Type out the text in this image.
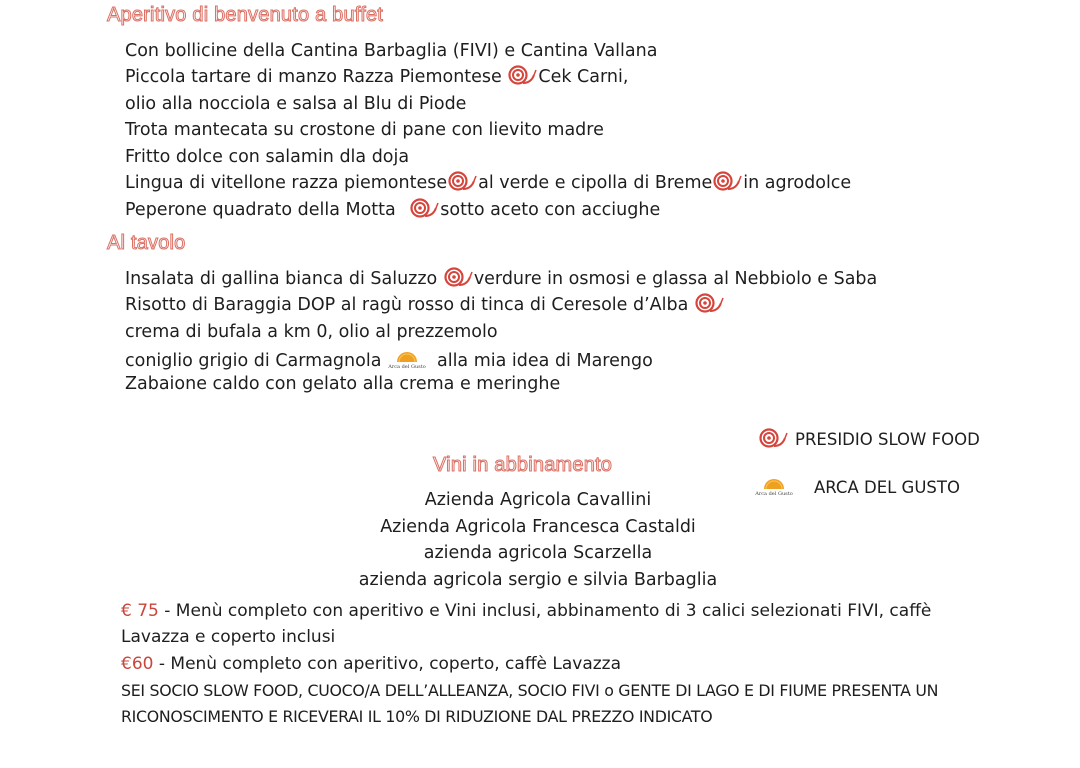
Aperitivo di benvenuto a buffet
Con bollicine della Cantina Barbaglia (FIVI) e Cantina Vallana
Piccola tartare di manzo Razza Piemontese
Cek Carni,
olio alla nocciola e salsa al Blu di Piode
Trota mantecata su crostone di pane con lievito madre
Fritto dolce con salamin dla doja
Lingua di vitellone razza piemontese al verde e cipolla di Breme in agrodolce
Peperone quadrato della Motta
sotto aceto con acciughe
Al tavolo
Insalata di gallina bianca di Saluzzo
verdure in osmosi e glassa al Nebbiolo e Saba
Risotto di Baraggia DOP al ragù rosso di tinca di Ceresole d’Alba
crema di bufala a km 0, olio al prezzemolo
coniglio grigio di Carmagnola Arca del Gusto alla mia idea di Marengo
Zabaione caldo con gelato alla crema e meringhe
PRESIDIO SLOW FOOD
Arca del Gusto ARCA DEL GUSTO
Vini in abbinamento
Azienda Agricola Cavallini
Azienda Agricola Francesca Castaldi
azienda agricola Scarzella
azienda agricola sergio e silvia Barbaglia
€ 75 - Menù completo con aperitivo e Vini inclusi, abbinamento di 3 calici selezionati FIVI, caffè
Lavazza e coperto inclusi
€60 - Menù completo con aperitivo, coperto, caffè Lavazza
SEI SOCIO SLOW FOOD, CUOCO/A DELL’ALLEANZA, SOCIO FIVI o GENTE DI LAGO E DI FIUME PRESENTA UN
RICONOSCIMENTO E RICEVERAI IL 10% DI RIDUZIONE DAL PREZZO INDICATO
